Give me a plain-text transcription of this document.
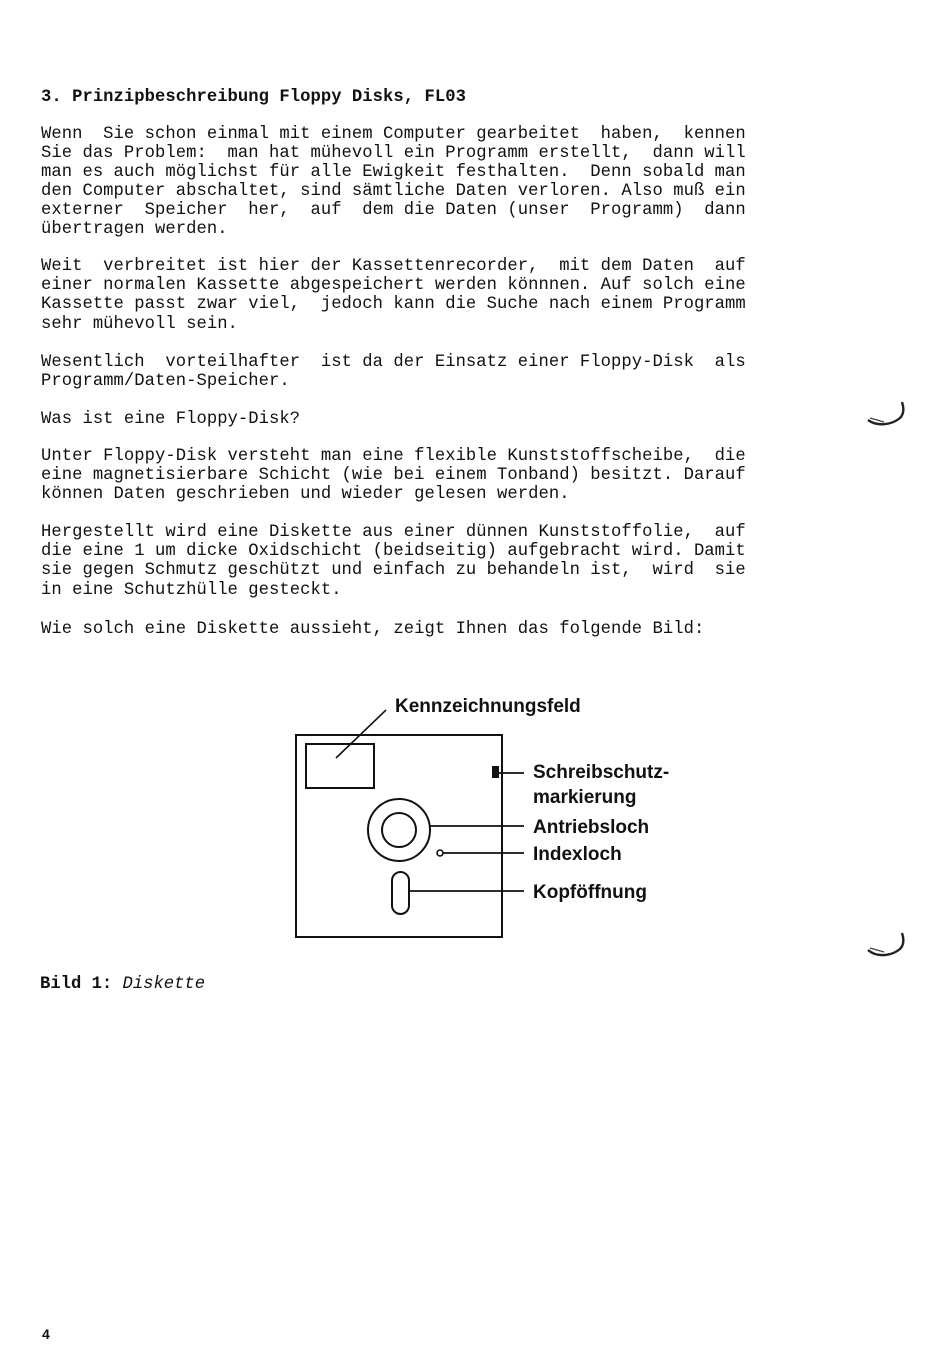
3. Prinzipbeschreibung Floppy Disks, FL03
Wenn  Sie schon einmal mit einem Computer gearbeitet  haben,  kennen
Sie das Problem:  man hat mühevoll ein Programm erstellt,  dann will
man es auch möglichst für alle Ewigkeit festhalten.  Denn sobald man
den Computer abschaltet, sind sämtliche Daten verloren. Also muß ein
externer  Speicher  her,  auf  dem die Daten (unser  Programm)  dann
übertragen werden.
Weit  verbreitet ist hier der Kassettenrecorder,  mit dem Daten  auf
einer normalen Kassette abgespeichert werden könnnen. Auf solch eine
Kassette passt zwar viel,  jedoch kann die Suche nach einem Programm
sehr mühevoll sein.
Wesentlich  vorteilhafter  ist da der Einsatz einer Floppy-Disk  als
Programm/Daten-Speicher.
Was ist eine Floppy-Disk?
Unter Floppy-Disk versteht man eine flexible Kunststoffscheibe,  die
eine magnetisierbare Schicht (wie bei einem Tonband) besitzt. Darauf
können Daten geschrieben und wieder gelesen werden.
Hergestellt wird eine Diskette aus einer dünnen Kunststoffolie,  auf
die eine 1 um dicke Oxidschicht (beidseitig) aufgebracht wird. Damit
sie gegen Schmutz geschützt und einfach zu behandeln ist,  wird  sie
in eine Schutzhülle gesteckt.
Wie solch eine Diskette aussieht, zeigt Ihnen das folgende Bild:
Kennzeichnungsfeld
Schreibschutz-
markierung
Antriebsloch
Indexloch
Kopföffnung
Bild 1: Diskette
4
